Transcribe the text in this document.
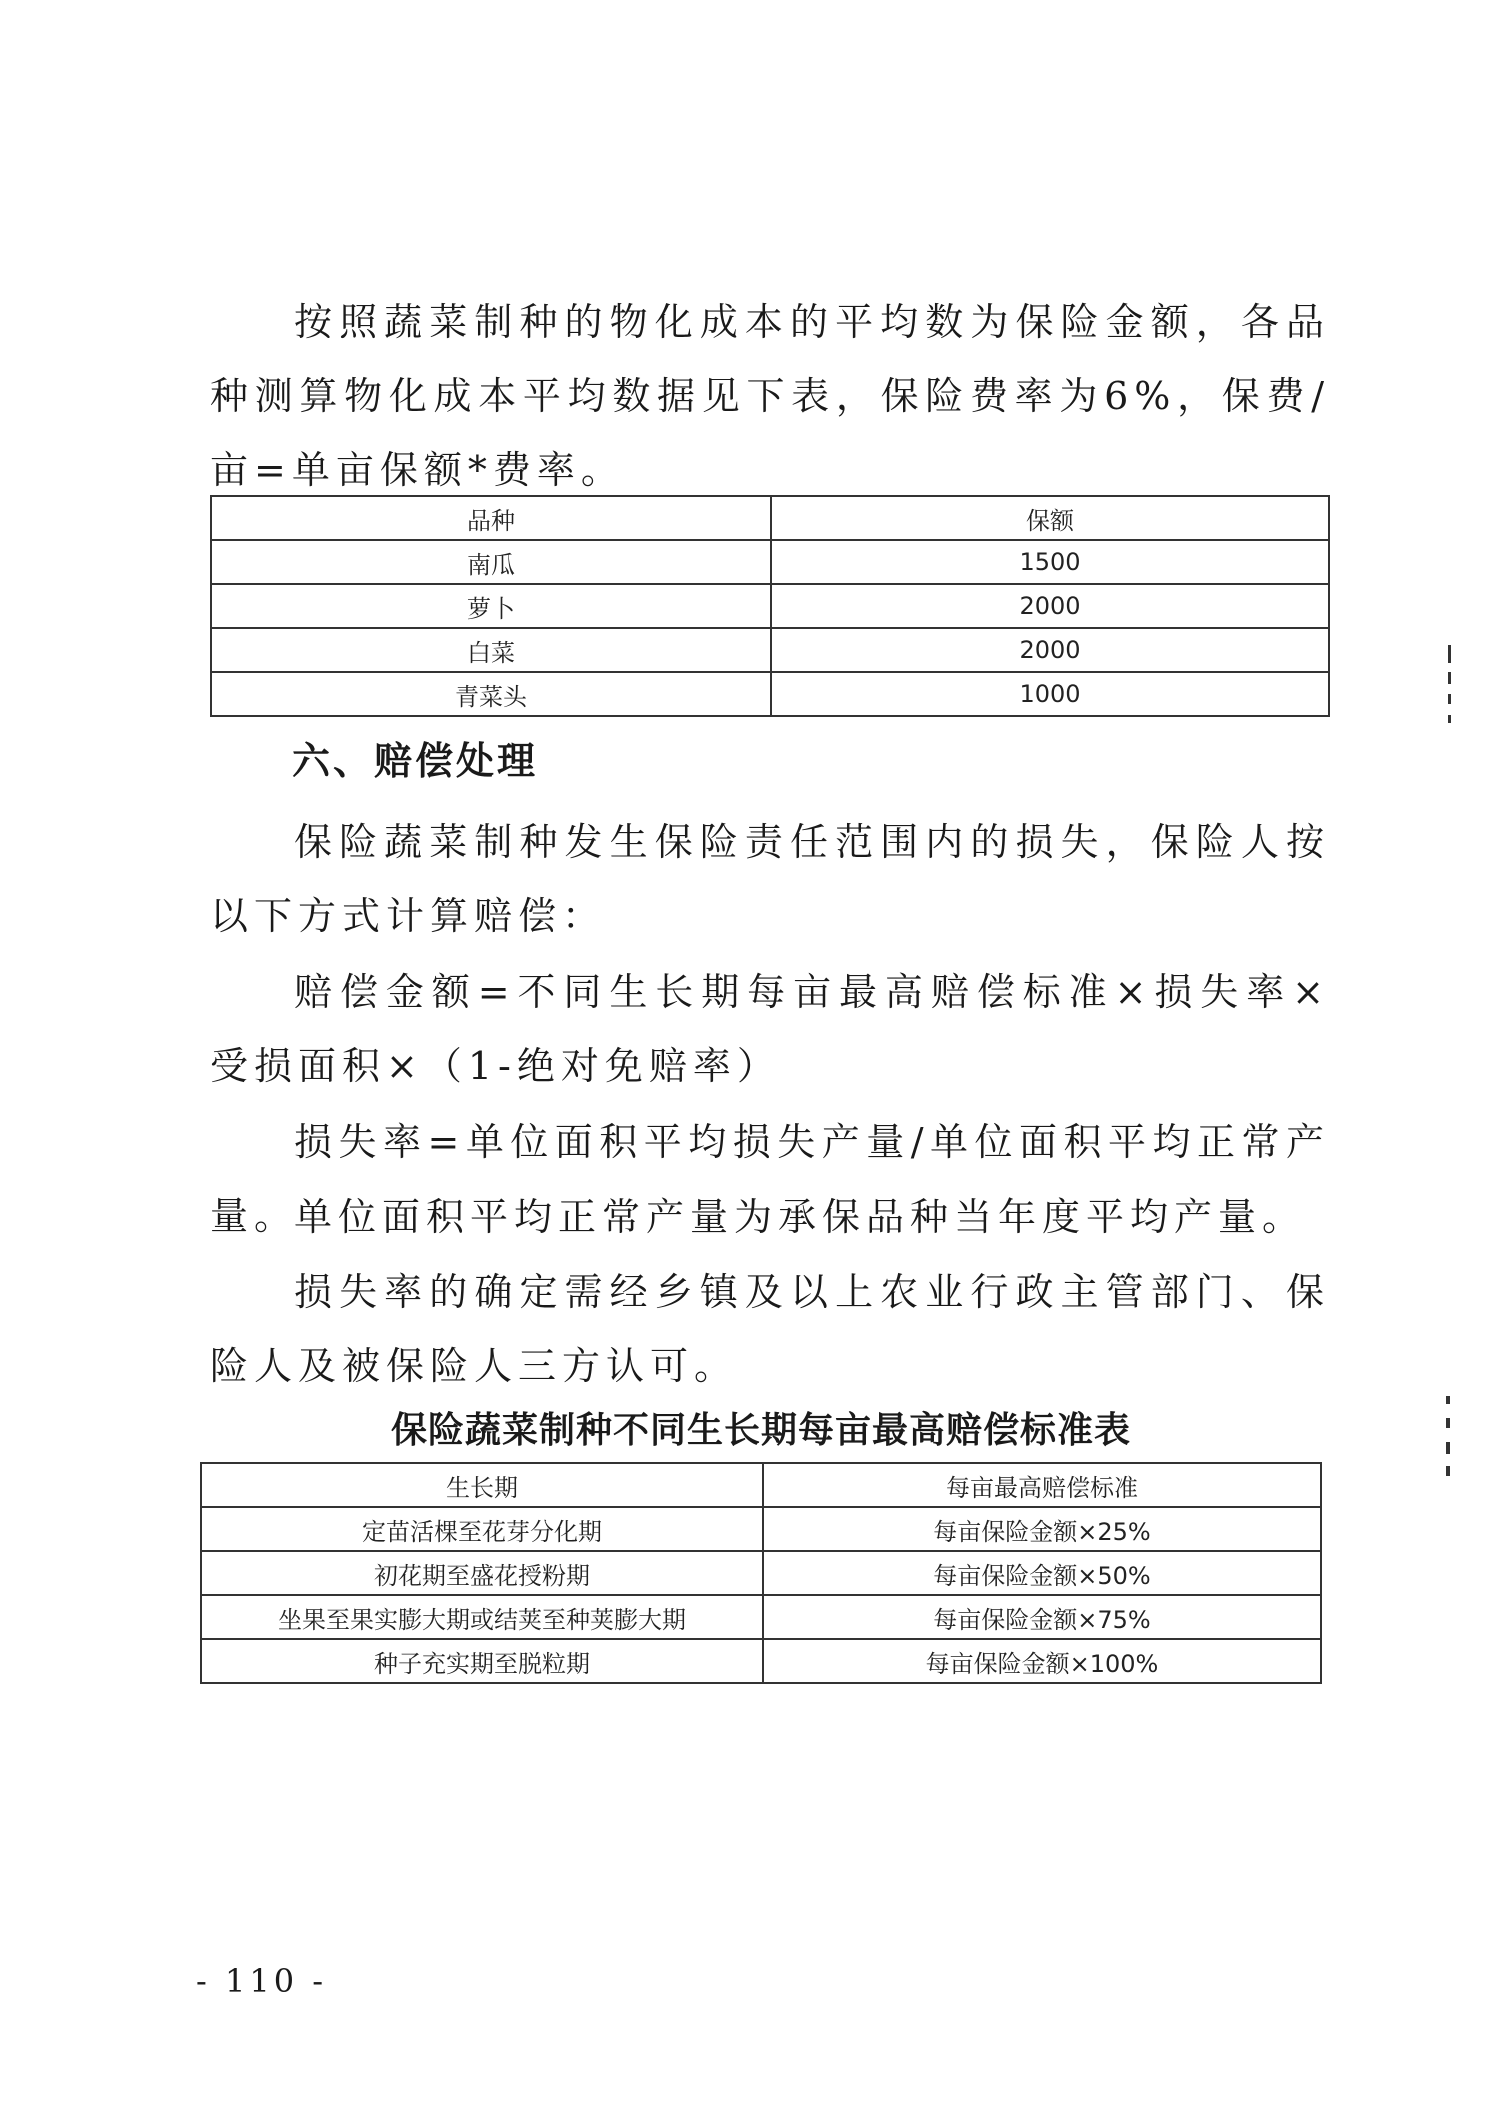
按照蔬菜制种的物化成本的平均数为保险金额，各品种测算物化成本平均数据见下表，保险费率为6%，保费/亩=单亩保额*费率。

品种	保额
南瓜	1500
萝卜	2000
白菜	2000
青菜头	1000
六、赔偿处理

保险蔬菜制种发生保险责任范围内的损失，保险人按以下方式计算赔偿：

赔偿金额=不同生长期每亩最高赔偿标准×损失率×受损面积×（1-绝对免赔率）

损失率=单位面积平均损失产量/单位面积平均正常产量。

单位面积平均正常产量为承保品种当年度平均产量。

损失率的确定需经乡镇及以上农业行政主管部门、保险人及被保险人三方认可。

保险蔬菜制种不同生长期每亩最高赔偿标准表
生长期	每亩最高赔偿标准
定苗活棵至花芽分化期	每亩保险金额×25%
初花期至盛花授粉期	每亩保险金额×50%
坐果至果实膨大期或结荚至种荚膨大期	每亩保险金额×75%
种子充实期至脱粒期	每亩保险金额×100%
- 110 -
